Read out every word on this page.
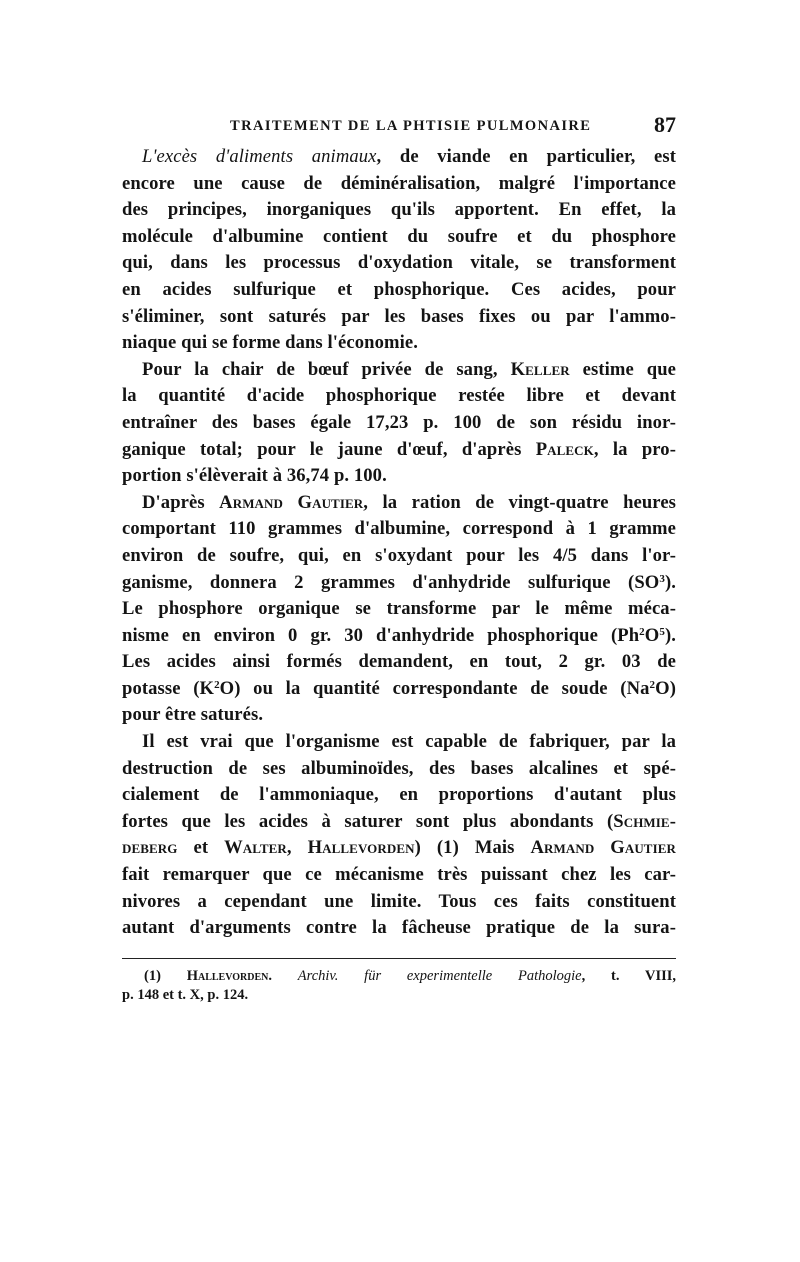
TRAITEMENT DE LA PHTISIE PULMONAIRE	87
L'excès d'aliments animaux, de viande en particulier, est
encore une cause de déminéralisation, malgré l'importance
des principes, inorganiques qu'ils apportent. En effet, la
molécule d'albumine contient du soufre et du phosphore
qui, dans les processus d'oxydation vitale, se transforment
en acides sulfurique et phosphorique. Ces acides, pour
s'éliminer, sont saturés par les bases fixes ou par l'ammo-
niaque qui se forme dans l'économie.
Pour la chair de bœuf privée de sang, Keller estime que
la quantité d'acide phosphorique restée libre et devant
entraîner des bases égale 17,23 p. 100 de son résidu inor-
ganique total; pour le jaune d'œuf, d'après Paleck, la pro-
portion s'élèverait à 36,74 p. 100.
D'après Armand Gautier, la ration de vingt-quatre heures
comportant 110 grammes d'albumine, correspond à 1 gramme
environ de soufre, qui, en s'oxydant pour les 4/5 dans l'or-
ganisme, donnera 2 grammes d'anhydride sulfurique $(SO^3)$.
Le phosphore organique se transforme par le même méca-
nisme en environ 0 gr. 30 d'anhydride phosphorique $(Ph^2O^5)$.
Les acides ainsi formés demandent, en tout, 2 gr. 03 de
potasse $(K^2O)$ ou la quantité correspondante de soude (Na$^2$O)
pour être saturés.
Il est vrai que l'organisme est capable de fabriquer, par la
destruction de ses albuminoïdes, des bases alcalines et spé-
cialement de l'ammoniaque, en proportions d'autant plus
fortes que les acides à saturer sont plus abondants (Schmie-
deberg et Walter, Hallevorden) (1) Mais Armand Gautier
fait remarquer que ce mécanisme très puissant chez les car-
nivores a cependant une limite. Tous ces faits constituent
autant d'arguments contre la fâcheuse pratique de la sura-
(1) Hallevorden. Archiv. für experimentelle Pathologie, t. VIII,
p. 148 et t. X, p. 124.
